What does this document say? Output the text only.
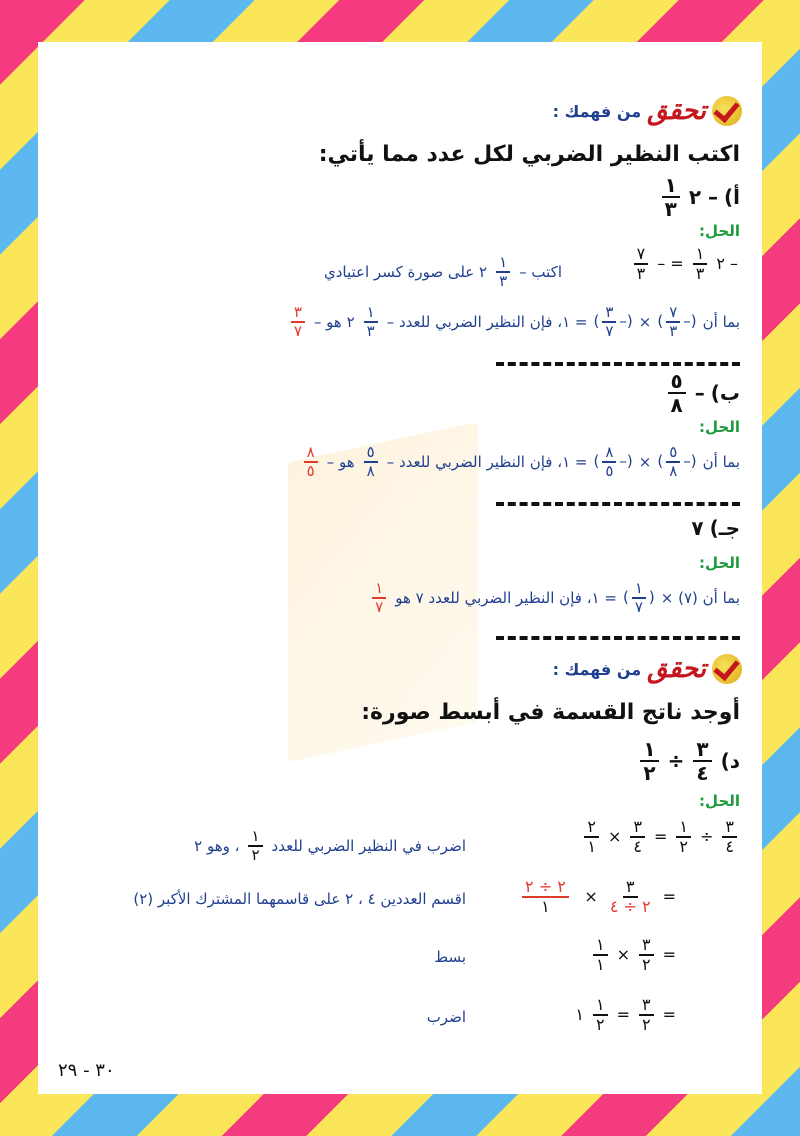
تحقق
من فهمك :
اكتب النظير الضربي لكل عدد مما يأتي:
أ)
– ٢
$\frac{١}{٣}$
الحل:
– ٢
$\frac{١}{٣}$
= –
$\frac{٧}{٣}$
اكتب –
$\frac{١}{٣}$
٢ على صورة كسر اعتيادي
بما أن
(–
$\frac{٧}{٣}$
)
×
(–
$\frac{٣}{٧}$
)
= ١، فإن النظير الضربي للعدد –
$\frac{١}{٣}$
٢ هو –
$\frac{٣}{٧}$
ب)
–
$\frac{٥}{٨}$
الحل:
بما أن
(–
$\frac{٥}{٨}$
)
×
(–
$\frac{٨}{٥}$
)
= ١، فإن النظير الضربي للعدد –
$\frac{٥}{٨}$
هو –
$\frac{٨}{٥}$
جـ)
٧
الحل:
بما أن (٧) ×
(
$\frac{١}{٧}$
)
= ١، فإن النظير الضربي للعدد ٧ هو
$\frac{١}{٧}$
تحقق
من فهمك :
أوجد ناتج القسمة في أبسط صورة:
د)
$\frac{٣}{٤}$
÷
$\frac{١}{٢}$
الحل:
$\frac{٣}{٤}$
÷
$\frac{١}{٢}$
=
$\frac{٣}{٤}$
×
$\frac{٢}{١}$
اضرب في النظير الضربي للعدد
$\frac{١}{٢}$
، وهو ٢
=
$\frac{٣}{٢ \div ٤}$
×
$\frac{٢ \div ٢}{١}$
اقسم العددين ٤ ، ٢ على قاسمهما المشترك الأكبر (٢)
=
$\frac{٣}{٢}$
×
$\frac{١}{١}$
بسط
=
$\frac{٣}{٢}$
=
$\frac{١}{٢}$
١
اضرب
٣٠ - ٢٩
